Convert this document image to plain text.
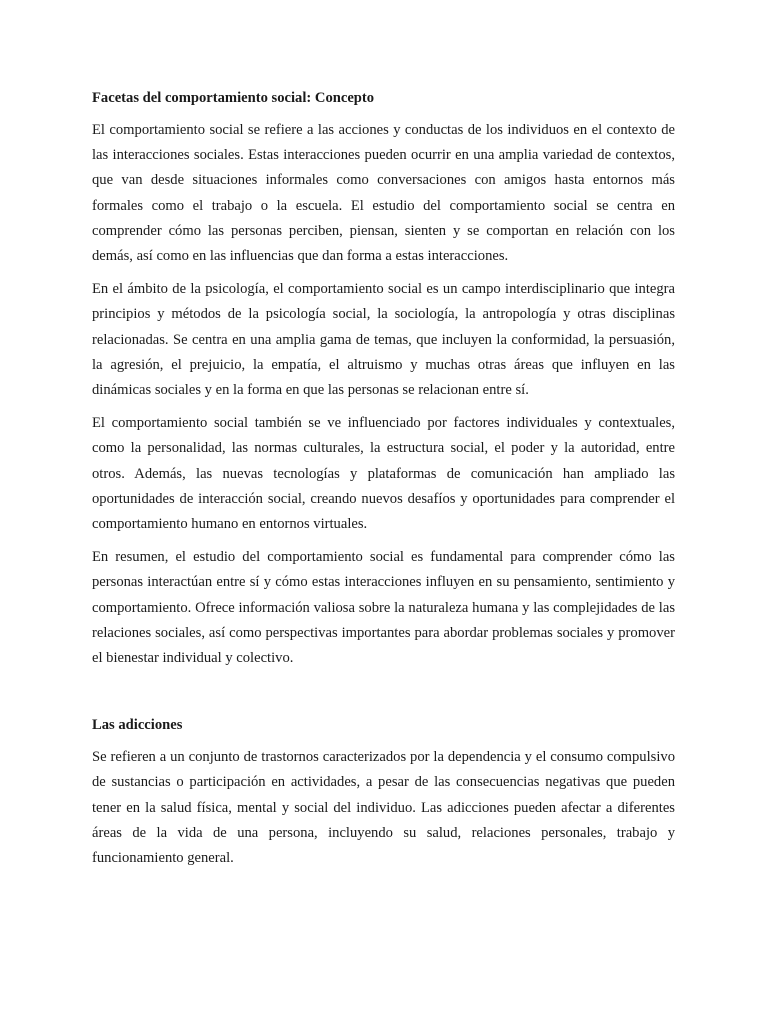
Facetas del comportamiento social: Concepto

El comportamiento social se refiere a las acciones y conductas de los individuos en el contexto de las interacciones sociales. Estas interacciones pueden ocurrir en una amplia variedad de contextos, que van desde situaciones informales como conversaciones con amigos hasta entornos más formales como el trabajo o la escuela. El estudio del comportamiento social se centra en comprender cómo las personas perciben, piensan, sienten y se comportan en relación con los demás, así como en las influencias que dan forma a estas interacciones.

En el ámbito de la psicología, el comportamiento social es un campo interdisciplinario que integra principios y métodos de la psicología social, la sociología, la antropología y otras disciplinas relacionadas. Se centra en una amplia gama de temas, que incluyen la conformidad, la persuasión, la agresión, el prejuicio, la empatía, el altruismo y muchas otras áreas que influyen en las dinámicas sociales y en la forma en que las personas se relacionan entre sí.

El comportamiento social también se ve influenciado por factores individuales y contextuales, como la personalidad, las normas culturales, la estructura social, el poder y la autoridad, entre otros. Además, las nuevas tecnologías y plataformas de comunicación han ampliado las oportunidades de interacción social, creando nuevos desafíos y oportunidades para comprender el comportamiento humano en entornos virtuales.

En resumen, el estudio del comportamiento social es fundamental para comprender cómo las personas interactúan entre sí y cómo estas interacciones influyen en su pensamiento, sentimiento y comportamiento. Ofrece información valiosa sobre la naturaleza humana y las complejidades de las relaciones sociales, así como perspectivas importantes para abordar problemas sociales y promover el bienestar individual y colectivo.

Las adicciones

Se refieren a un conjunto de trastornos caracterizados por la dependencia y el consumo compulsivo de sustancias o participación en actividades, a pesar de las consecuencias negativas que pueden tener en la salud física, mental y social del individuo. Las adicciones pueden afectar a diferentes áreas de la vida de una persona, incluyendo su salud, relaciones personales, trabajo y funcionamiento general.
